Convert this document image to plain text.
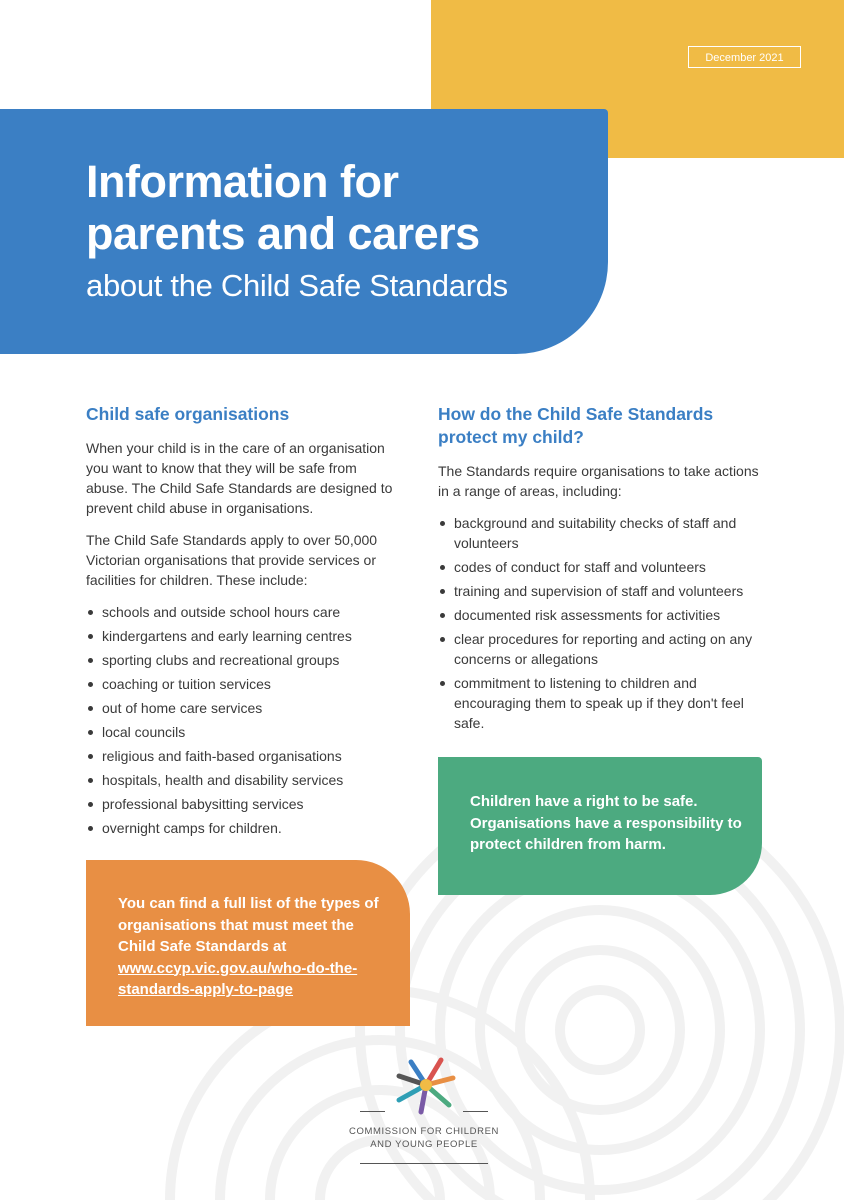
December 2021
Information for
parents and carers
about the Child Safe Standards
Child safe organisations

When your child is in the care of an organisation you want to know that they will be safe from abuse. The Child Safe Standards are designed to prevent child abuse in organisations.

The Child Safe Standards apply to over 50,000 Victorian organisations that provide services or facilities for children. These include:

schools and outside school hours care
kindergartens and early learning centres
sporting clubs and recreational groups
coaching or tuition services
out of home care services
local councils
religious and faith-based organisations
hospitals, health and disability services
professional babysitting services
overnight camps for children.
How do the Child Safe Standards
protect my child?

The Standards require organisations to take actions in a range of areas, including:

background and suitability checks of staff and volunteers
codes of conduct for staff and volunteers
training and supervision of staff and volunteers
documented risk assessments for activities
clear procedures for reporting and acting on any concerns or allegations
commitment to listening to children and encouraging them to speak up if they don't feel safe.
Children have a right to be safe. Organisations have a responsibility to protect children from harm.
You can find a full list of the types of organisations that must meet the Child Safe Standards at www.ccyp.vic.gov.au/who-do-the-standards-apply-to-page
COMMISSION FOR CHILDREN
AND YOUNG PEOPLE
